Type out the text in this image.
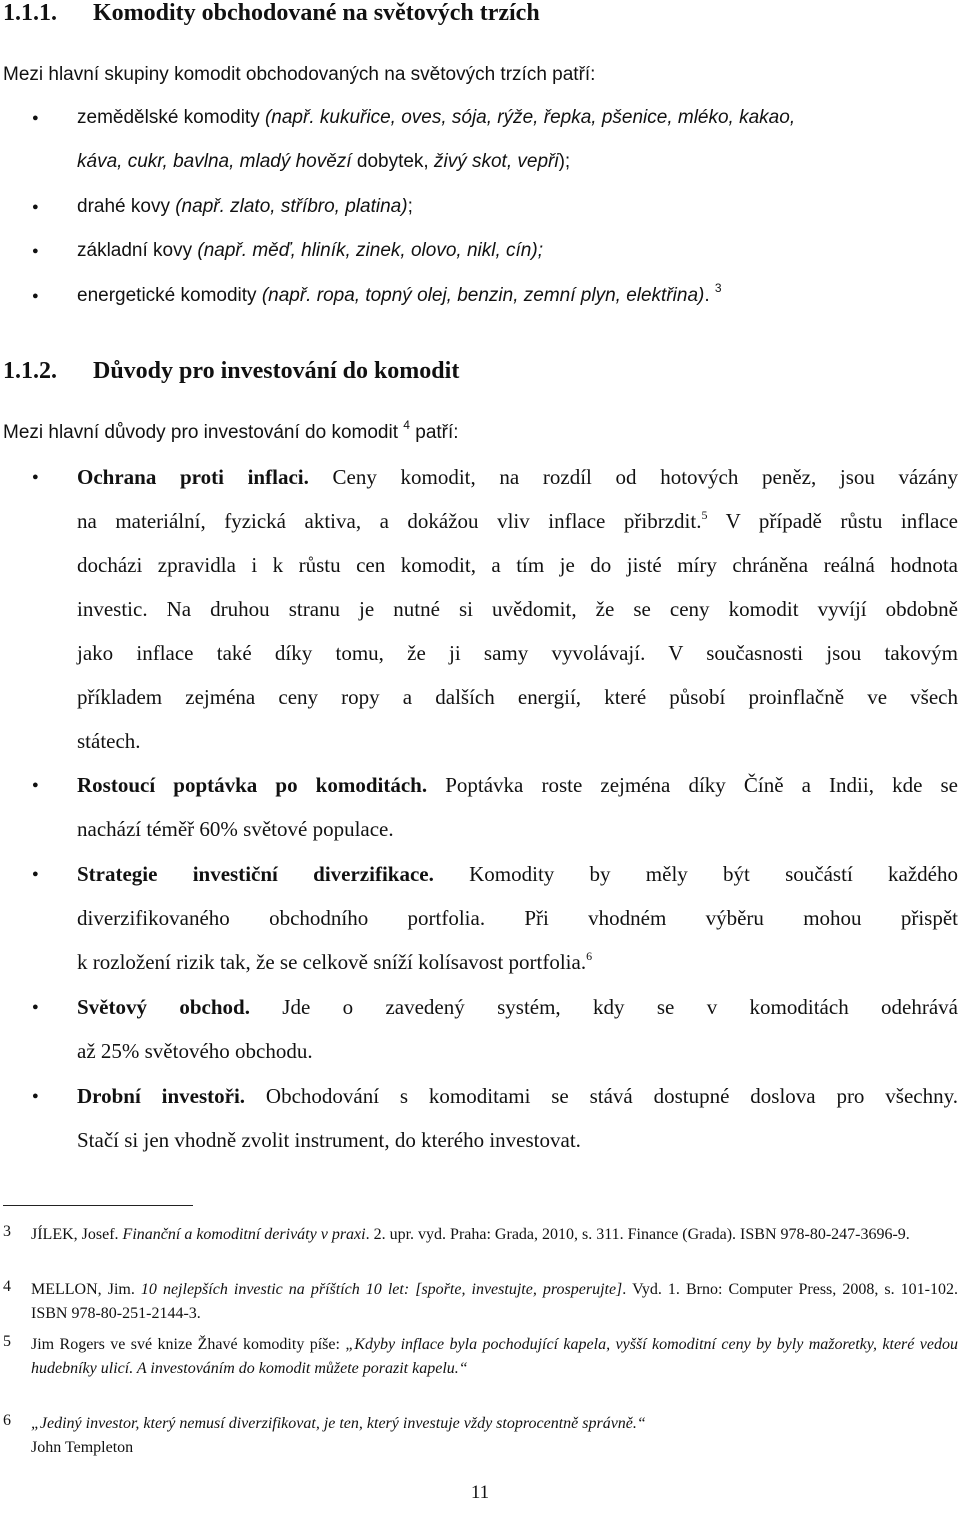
1.1.1. Komodity obchodované na světových trzích
Mezi hlavní skupiny komodit obchodovaných na světových trzích patří:
● zemědělské komodity (např. kukuřice, oves, sója, rýže, řepka, pšenice, mléko, kakao,
káva, cukr, bavlna, mladý hovězí dobytek, živý skot, vepři);
● drahé kovy (např. zlato, stříbro, platina);
● základní kovy (např. měď, hliník, zinek, olovo, nikl, cín);
● energetické komodity (např. ropa, topný olej, benzin, zemní plyn, elektřina). $^3$
1.1.2. Důvody pro investování do komodit
Mezi hlavní důvody pro investování do komodit $^4$ patří:
● Ochrana proti inflaci. Ceny komodit, na rozdíl od hotových peněz, jsou vázány
na materiální, fyzická aktiva, a dokážou vliv inflace přibrzdit.$^5$ V případě růstu inflace
docházi zpravidla i k růstu cen komodit, a tím je do jisté míry chráněna reálná hodnota
investic. Na druhou stranu je nutné si uvědomit, že se ceny komodit vyvíjí obdobně
jako inflace také díky tomu, že ji samy vyvolávají. V současnosti jsou takovým
příkladem zejména ceny ropy a dalších energií, které působí proinflačně ve všech
státech.
● Rostoucí poptávka po komoditách. Poptávka roste zejména díky Číně a Indii, kde se
nachází téměř 60% světové populace.
● Strategie investiční diverzifikace. Komodity by měly být součástí každého
diverzifikovaného obchodního portfolia. Při vhodném výběru mohou přispět
k rozložení rizik tak, že se celkově sníží kolísavost portfolia.$^6$
● Světový obchod. Jde o zavedený systém, kdy se v komoditách odehrává
až 25% světového obchodu.
● Drobní investoři. Obchodování s komoditami se stává dostupné doslova pro všechny.
Stačí si jen vhodně zvolit instrument, do kterého investovat.
3 JÍLEK, Josef. Finanční a komoditní deriváty v praxi. 2. upr. vyd. Praha: Grada, 2010, s. 311. Finance (Grada). ISBN 978-80-247-3696-9.
4 MELLON, Jim. 10 nejlepších investic na příštích 10 let: [spořte, investujte, prosperujte]. Vyd. 1. Brno: Computer Press, 2008, s. 101-102. ISBN 978-80-251-2144-3.
5 Jim Rogers ve své knize Žhavé komodity píše: „Kdyby inflace byla pochodující kapela, vyšší komoditní ceny by byly mažoretky, které vedou hudebníky ulicí. A investováním do komodit můžete porazit kapelu.“
6 „Jediný investor, který nemusí diverzifikovat, je ten, který investuje vždy stoprocentně správně.“
John Templeton
11
